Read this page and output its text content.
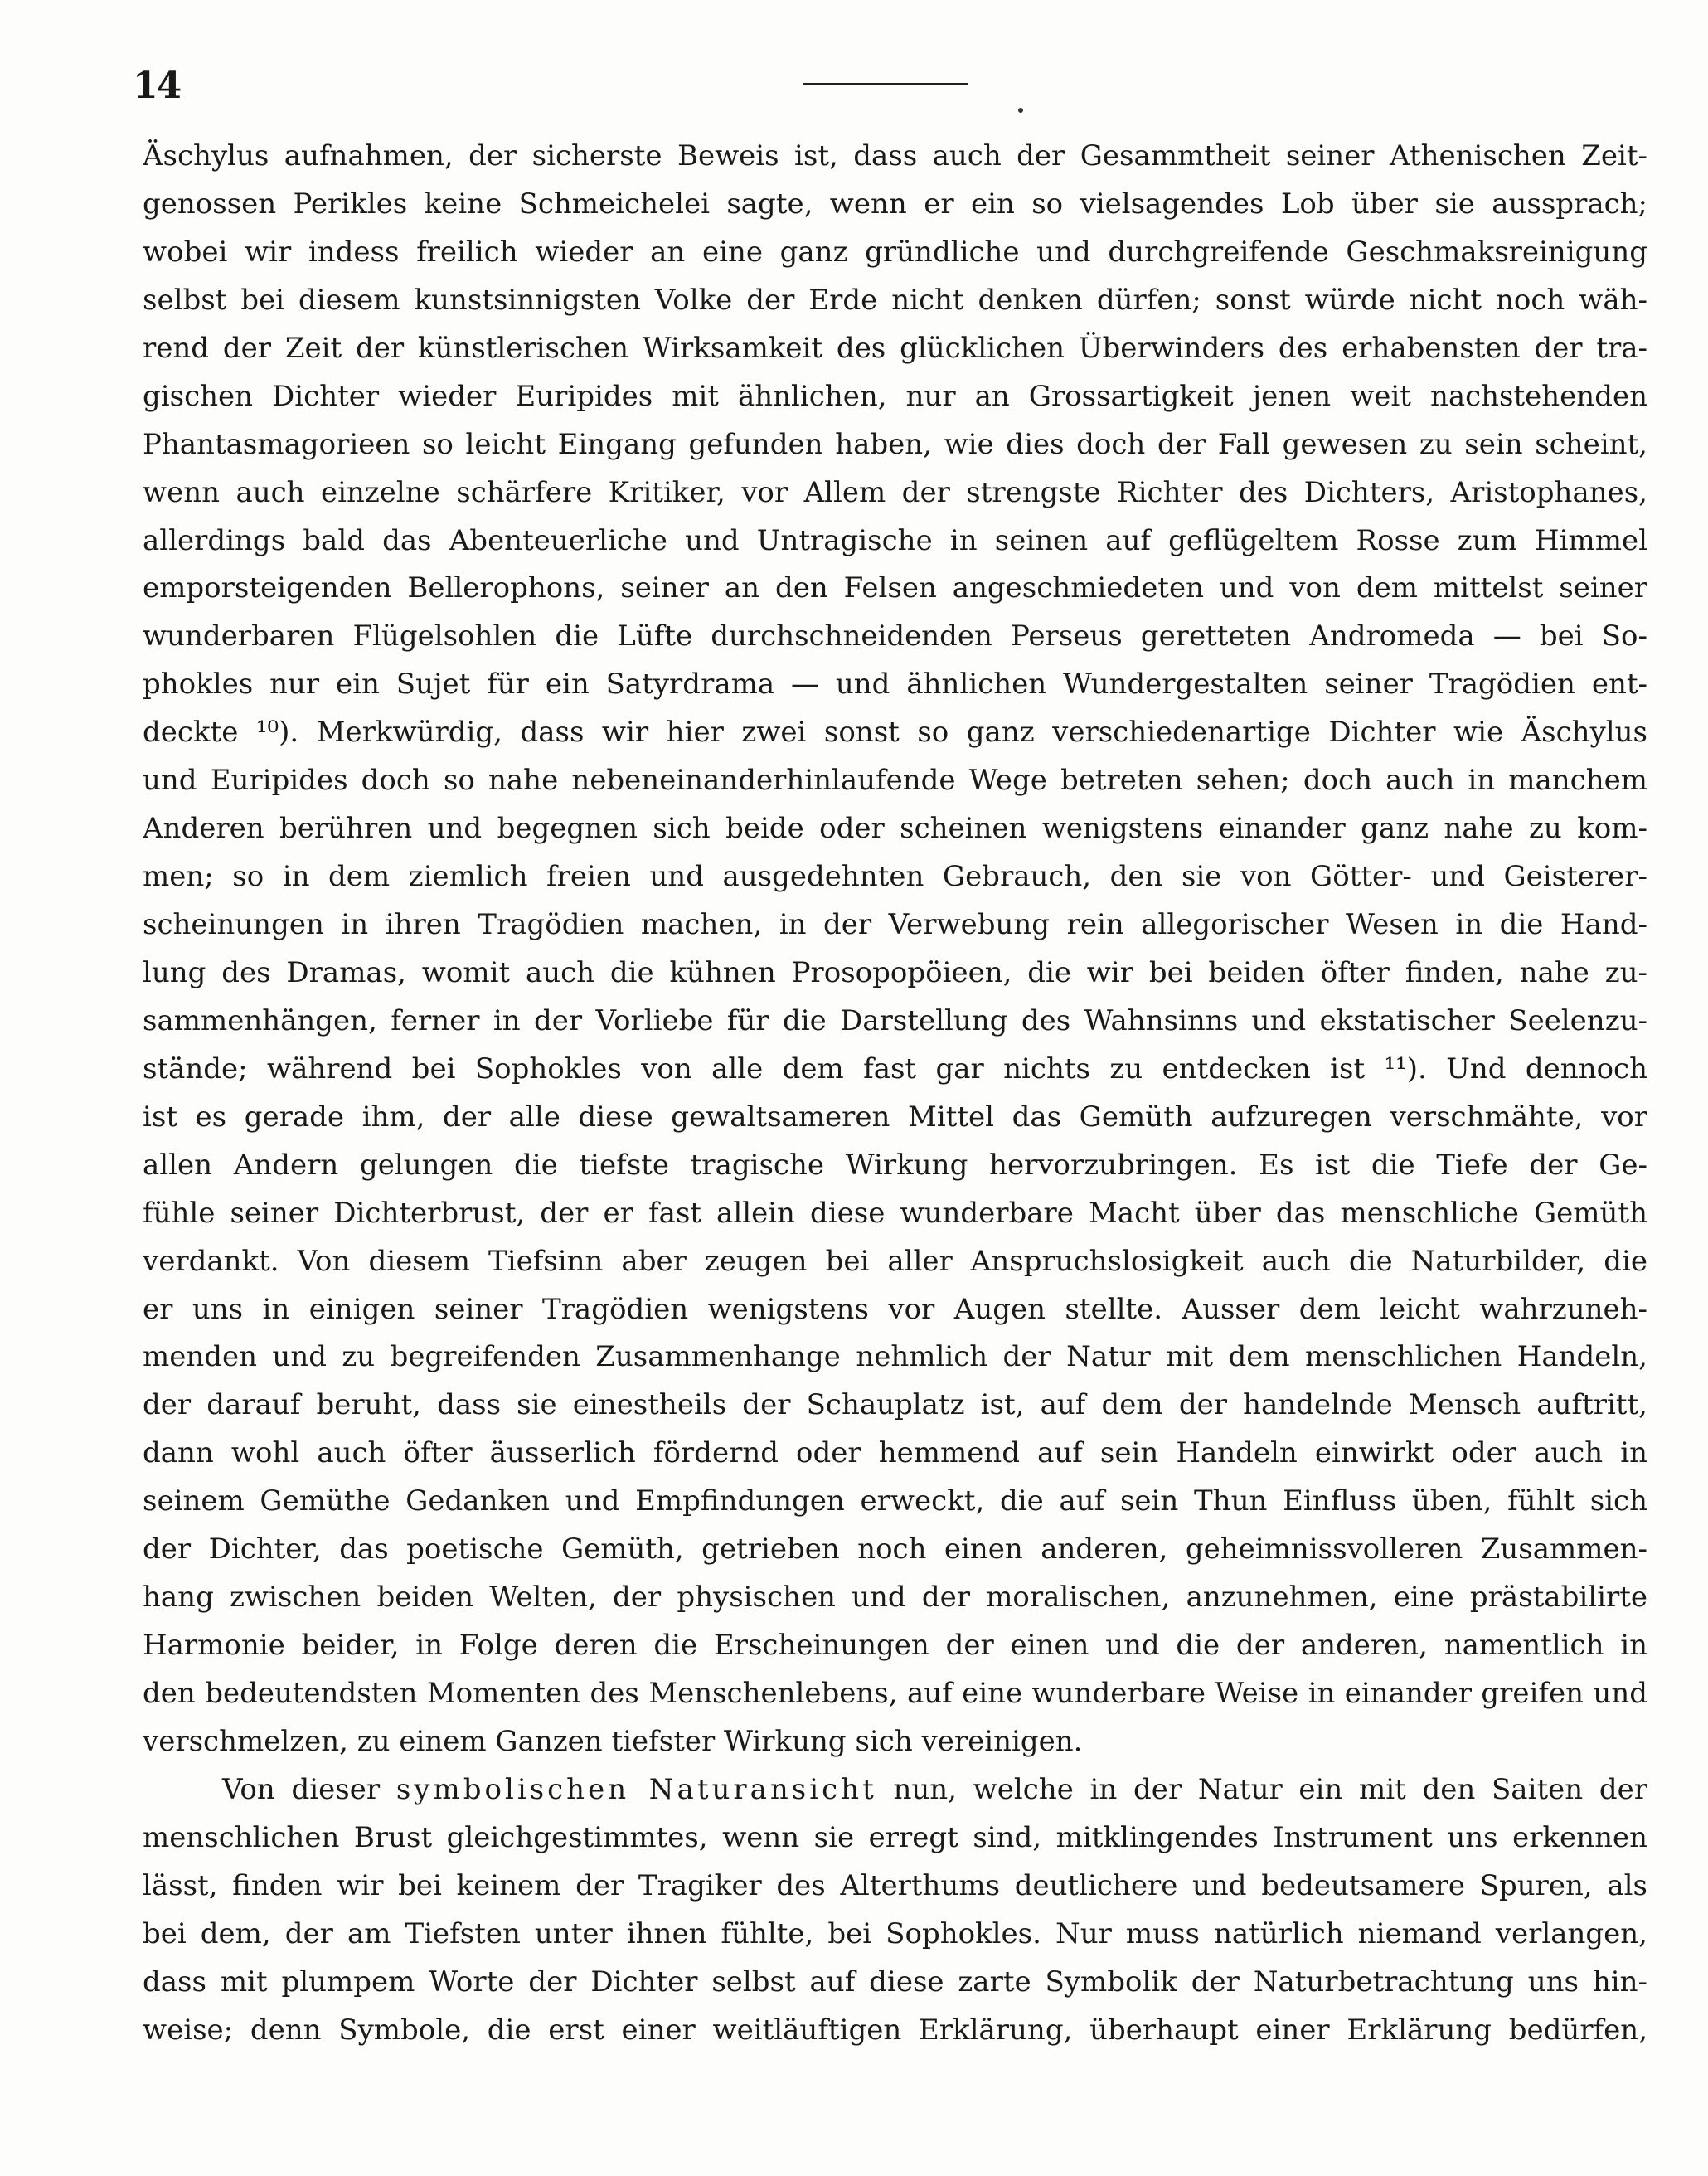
14
Äschylus aufnahmen, der sicherste Beweis ist, dass auch der Gesammtheit seiner Athenischen Zeit-
genossen Perikles keine Schmeichelei sagte, wenn er ein so vielsagendes Lob über sie aussprach;
wobei wir indess freilich wieder an eine ganz gründliche und durchgreifende Geschmaksreinigung
selbst bei diesem kunstsinnigsten Volke der Erde nicht denken dürfen; sonst würde nicht noch wäh-
rend der Zeit der künstlerischen Wirksamkeit des glücklichen Überwinders des erhabensten der tra-
gischen Dichter wieder Euripides mit ähnlichen, nur an Grossartigkeit jenen weit nachstehenden
Phantasmagorieen so leicht Eingang gefunden haben, wie dies doch der Fall gewesen zu sein scheint,
wenn auch einzelne schärfere Kritiker, vor Allem der strengste Richter des Dichters, Aristophanes,
allerdings bald das Abenteuerliche und Untragische in seinen auf geflügeltem Rosse zum Himmel
emporsteigenden Bellerophons, seiner an den Felsen angeschmiedeten und von dem mittelst seiner
wunderbaren Flügelsohlen die Lüfte durchschneidenden Perseus geretteten Andromeda — bei So-
phokles nur ein Sujet für ein Satyrdrama — und ähnlichen Wundergestalten seiner Tragödien ent-
deckte ¹⁰). Merkwürdig, dass wir hier zwei sonst so ganz verschiedenartige Dichter wie Äschylus
und Euripides doch so nahe nebeneinanderhinlaufende Wege betreten sehen; doch auch in manchem
Anderen berühren und begegnen sich beide oder scheinen wenigstens einander ganz nahe zu kom-
men; so in dem ziemlich freien und ausgedehnten Gebrauch, den sie von Götter- und Geisterer-
scheinungen in ihren Tragödien machen, in der Verwebung rein allegorischer Wesen in die Hand-
lung des Dramas, womit auch die kühnen Prosopopöieen, die wir bei beiden öfter finden, nahe zu-
sammenhängen, ferner in der Vorliebe für die Darstellung des Wahnsinns und ekstatischer Seelenzu-
stände; während bei Sophokles von alle dem fast gar nichts zu entdecken ist ¹¹). Und dennoch
ist es gerade ihm, der alle diese gewaltsameren Mittel das Gemüth aufzuregen verschmähte, vor
allen Andern gelungen die tiefste tragische Wirkung hervorzubringen. Es ist die Tiefe der Ge-
fühle seiner Dichterbrust, der er fast allein diese wunderbare Macht über das menschliche Gemüth
verdankt. Von diesem Tiefsinn aber zeugen bei aller Anspruchslosigkeit auch die Naturbilder, die
er uns in einigen seiner Tragödien wenigstens vor Augen stellte. Ausser dem leicht wahrzuneh-
menden und zu begreifenden Zusammenhange nehmlich der Natur mit dem menschlichen Handeln,
der darauf beruht, dass sie einestheils der Schauplatz ist, auf dem der handelnde Mensch auftritt,
dann wohl auch öfter äusserlich fördernd oder hemmend auf sein Handeln einwirkt oder auch in
seinem Gemüthe Gedanken und Empfindungen erweckt, die auf sein Thun Einfluss üben, fühlt sich
der Dichter, das poetische Gemüth, getrieben noch einen anderen, geheimnissvolleren Zusammen-
hang zwischen beiden Welten, der physischen und der moralischen, anzunehmen, eine prästabilirte
Harmonie beider, in Folge deren die Erscheinungen der einen und die der anderen, namentlich in
den bedeutendsten Momenten des Menschenlebens, auf eine wunderbare Weise in einander greifen und
verschmelzen, zu einem Ganzen tiefster Wirkung sich vereinigen.
Von dieser symbolischen Naturansicht nun, welche in der Natur ein mit den Saiten der
menschlichen Brust gleichgestimmtes, wenn sie erregt sind, mitklingendes Instrument uns erkennen
lässt, finden wir bei keinem der Tragiker des Alterthums deutlichere und bedeutsamere Spuren, als
bei dem, der am Tiefsten unter ihnen fühlte, bei Sophokles. Nur muss natürlich niemand verlangen,
dass mit plumpem Worte der Dichter selbst auf diese zarte Symbolik der Naturbetrachtung uns hin-
weise; denn Symbole, die erst einer weitläuftigen Erklärung, überhaupt einer Erklärung bedürfen,
